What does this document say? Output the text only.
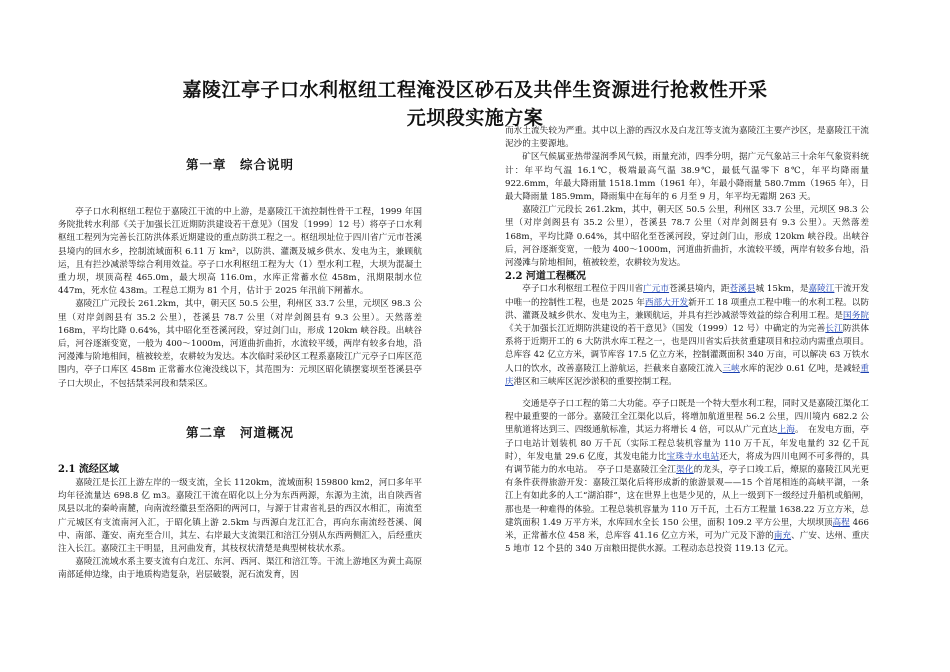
嘉陵江亭子口水利枢纽工程淹没区砂石及共伴生资源进行抢救性开采
元坝段实施方案
第一章　综合说明

亭子口水利枢纽工程位于嘉陵江干流的中上游，是嘉陵江干流控制性骨干工程，1999 年国务院批转水利部《关于加强长江近期防洪建设若干意见》（国发〔1999〕12 号）将亭子口水利枢纽工程列为完善长江防洪体系近期建设的重点防洪工程之一。枢纽坝址位于四川省广元市苍溪县境内的回水乡，控制流域面积 6.11 万 km²，以防洪、灌溉及城乡供水、发电为主，兼顾航运，且有拦沙减淤等综合利用效益。亭子口水利枢纽工程为大（1）型水利工程，大坝为混凝土重力坝，坝顶高程 465.0m，最大坝高 116.0m，水库正常蓄水位 458m，汛期限制水位 447m，死水位 438m。工程总工期为 81 个月，估计于 2025 年汛前下闸蓄水。

嘉陵江广元段长 261.2km，其中，朝天区 50.5 公里，利州区 33.7 公里，元坝区 98.3 公里（对岸剑阁县有 35.2 公里），苍溪县 78.7 公里（对岸剑阁县有 9.3 公里）。天然落差 168m，平均比降 0.64%，其中昭化至苍溪河段，穿过剑门山，形成 120km 峡谷段。出峡谷后，河谷逐渐变宽，一般为 400～1000m，河道曲折曲折，水流较平缓，两岸有较多台地，沿河漫滩与阶地相间，植被较差，农耕较为发达。本次临时采砂区工程系嘉陵江广元亭子口库区范围内，亭子口库区 458m 正常蓄水位淹没线以下，其范围为：元坝区昭化镇摆宴坝至苍溪县亭子口大坝止，不包括禁采河段和禁采区。

第二章　河道概况
2.1 流经区域

嘉陵江是长江上游左岸的一级支流，全长 1120km，流域面积 159800 km2，河口多年平均年径流量达 698.8 亿 m3。嘉陵江干流在昭化以上分为东西两源，东源为主流，出自陕西省凤县以北的秦岭南麓，向南流经徽县至洛阳的两河口，与源于甘肃省礼县的西汉水相汇，南流至广元城区有支流南河入汇，于昭化镇上游 2.5km 与西源白龙江汇合，再向东南流经苍溪、阆中、南部、蓬安、南充至合川，其左、右岸最大支流渠江和涪江分别从东西两侧汇入，后经重庆注入长江。嘉陵江主干明显，且河曲发育，其枝杈状清楚是典型树枝状水系。

嘉陵江流域水系主要支流有白龙江、东河、西河、渠江和涪江等。干流上游地区为黄土高原南部延伸边缘，由于地质构造复杂，岩层破裂，泥石流发育，因

而水土流失较为严重。其中以上游的西汉水及白龙江等支流为嘉陵江主要产沙区，是嘉陵江干流泥沙的主要源地。

矿区气候属亚热带湿润季风气候，雨量充沛，四季分明，据广元气象站三十余年气象资料统计：年平均气温 16.1℃，极端最高气温 38.9℃，最低气温零下 8℃，年平均降雨量 922.6mm，年最大降雨量 1518.1mm（1961 年），年最小降雨量 580.7mm（1965 年），日最大降雨量 185.9mm，降雨集中在每年的 6 月至 9 月，年平均无霜期 263 天。

嘉陵江广元段长 261.2km，其中，朝天区 50.5 公里，利州区 33.7 公里，元坝区 98.3 公里（对岸剑阁县有 35.2 公里），苍溪县 78.7 公里（对岸剑阁县有 9.3 公里）。天然落差 168m，平均比降 0.64%，其中昭化至苍溪河段，穿过剑门山，形成 120km 峡谷段。出峡谷后，河谷逐渐变宽，一般为 400～1000m，河道曲折曲折，水流较平缓，两岸有较多台地，沿河漫滩与阶地相间，植被较差，农耕较为发达。

2.2 河道工程概况

亭子口水利枢纽工程位于四川省广元市苍溪县境内，距苍溪县城 15km，是嘉陵江干流开发中唯一的控制性工程，也是 2025 年西部大开发新开工 18 项重点工程中唯一的水利工程。以防洪、灌溉及城乡供水、发电为主，兼顾航运，并具有拦沙减淤等效益的综合利用工程。是国务院《关于加强长江近期防洪建设的若干意见》（国发（1999）12 号）中确定的为完善长江防洪体系将于近期开工的 6 大防洪水库工程之一，也是四川省实后扶贫重建项目和拉动内需重点项目。总库容 42 亿立方米，调节库容 17.5 亿立方米，控制灌溉面积 340 万亩，可以解决 63 万铁水人口的饮水，改善嘉陵江上游航运，拦截来自嘉陵江流入三峡水库的泥沙 0.61 亿吨，是减轻重庆港区和三峡库区泥沙淤积的重要控制工程。

交通是亭子口工程的第二大功能。亭子口既是一个特大型水利工程，同时又是嘉陵江渠化工程中最重要的一部分。嘉陵江全江渠化以后，将增加航道里程 56.2 公里，四川境内 682.2 公里航道将达到三、四级通航标准，其运力将增长 4 倍，可以从广元直达上海。　在发电方面，亭子口电站计划装机 80 万千瓦（实际工程总装机容量为 110 万千瓦，年发电量约 32 亿千瓦时），年发电量 29.6 亿度，其发电能力比宝珠寺水电站还大，将成为四川电网不可多得的，具有调节能力的水电站。　亭子口是嘉陵江全江渠化的龙头，亭子口竣工后，燎原的嘉陵江风光更有条件获得旅游开发：嘉陵江渠化后将形成新的旅游景观——15 个首尾相连的高峡平湖，一条江上有如此多的人工“湖泊群”，这在世界上也是少见的，从上一级到下一级经过升船机或船闸，那也是一种难得的体验。工程总装机容量为 110 万千瓦，土石方工程量 1638.22 万立方米，总建筑面积 1.49 万平方米，水库回水全长 150 公里，面积 109.2 平方公里，大坝坝顶高程 466 米，正常蓄水位 458 米，总库容 41.16 亿立方米，可为广元及下游的南充、广安、达州、重庆 5 地市 12 个县的 340 万亩粮田提供水源。工程动态总投资 119.13 亿元。
